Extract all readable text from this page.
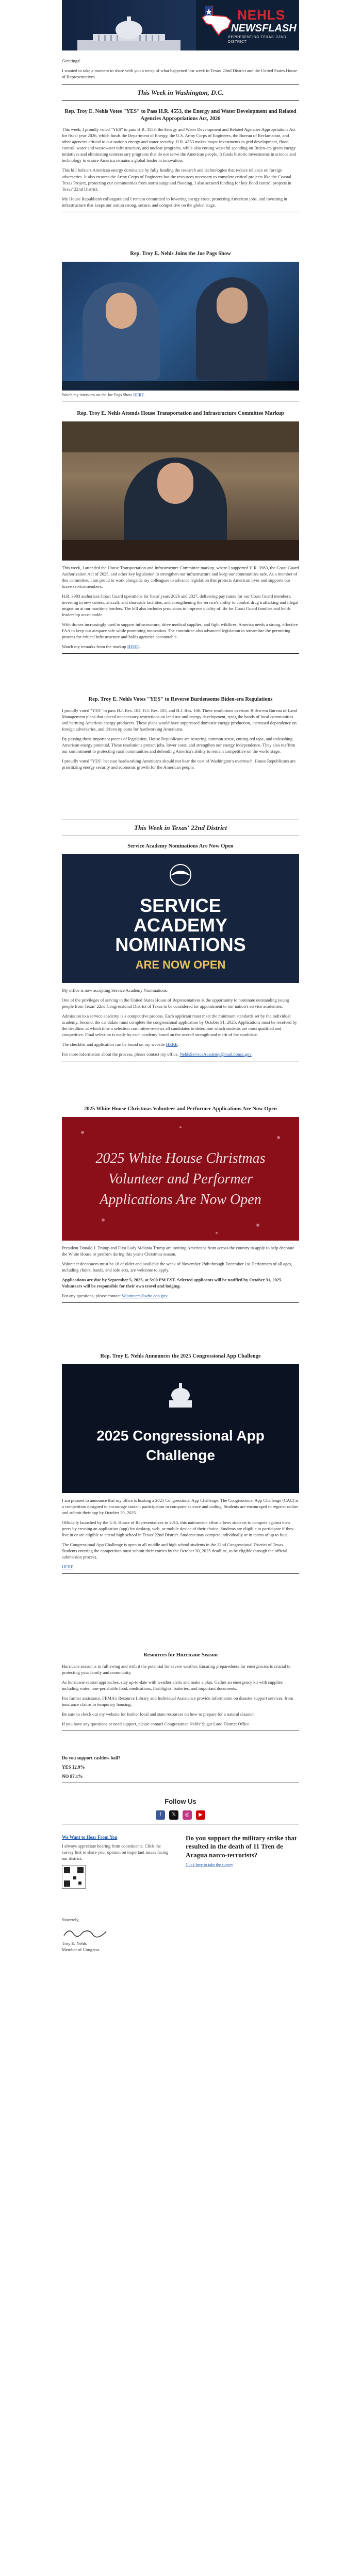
NEHLS
NEWSFLASH
REPRESENTING TEXAS' 22ND DISTRICT

Greetings!

I wanted to take a moment to share with you a recap of what happened last week in Texas' 22nd District and the United States House of Representatives.

This Week in Washington, D.C.
Rep. Troy E. Nehls Votes "YES" to Pass H.R. 4553, the Energy and Water Development and Related Agencies Appropriations Act, 2026

This week, I proudly voted "YES" to pass H.R. 4553, the Energy and Water Development and Related Agencies Appropriations Act for fiscal year 2026, which funds the Department of Energy, the U.S. Army Corps of Engineers, the Bureau of Reclamation, and other agencies critical to our nation's energy and water security. H.R. 4553 makes major investments in grid development, flood control, water and wastewater infrastructure, and nuclear programs, while also cutting wasteful spending on Biden-era green energy initiatives and eliminating unnecessary programs that do not serve the American people. It funds historic investments in science and technology to ensure America remains a global leader in innovation.

This bill bolsters American energy dominance by fully funding the research and technologies that reduce reliance on foreign adversaries. It also ensures the Army Corps of Engineers has the resources necessary to complete critical projects like the Coastal Texas Project, protecting our communities from storm surge and flooding. I also secured funding for key flood control projects in Texas' 22nd District.

My House Republican colleagues and I remain committed to lowering energy costs, protecting American jobs, and investing in infrastructure that keeps our nation strong, secure, and competitive on the global stage.

Rep. Troy E. Nehls Joins the Joe Pags Show
Watch my interview on the Joe Pags Show HERE.
Rep. Troy E. Nehls Attends House Transportation and Infrastructure Committee Markup

This week, I attended the House Transportation and Infrastructure Committee markup, where I supported H.R. 3983, the Coast Guard Authorization Act of 2025, and other key legislation to strengthen our infrastructure and keep our communities safe. As a member of this committee, I am proud to work alongside my colleagues to advance legislation that protects American lives and supports our brave servicemembers.

H.R. 3983 authorizes Coast Guard operations for fiscal years 2026 and 2027, delivering pay raises for our Coast Guard members, investing in new cutters, aircraft, and shoreside facilities, and strengthening the service's ability to combat drug trafficking and illegal migration at our maritime borders. The bill also includes provisions to improve quality of life for Coast Guard families and holds leadership accountable.

With drones increasingly used to support infrastructure, drive medical supplies, and fight wildfires, America needs a strong, effective FAA to keep our airspace safe while promoting innovation. The committee also advanced legislation to streamline the permitting process for critical infrastructure and holds agencies accountable.

Watch my remarks from the markup HERE.

Rep. Troy E. Nehls Votes "YES" to Reverse Burdensome Biden-era Regulations

I proudly voted "YES" to pass H.J. Res. 104, H.J. Res. 105, and H.J. Res. 106. These resolutions overturn Biden-era Bureau of Land Management plans that placed unnecessary restrictions on land use and energy development, tying the hands of local communities and harming American energy producers. These plans would have suppressed domestic energy production, increased dependence on foreign adversaries, and driven up costs for hardworking Americans.

By passing these important pieces of legislation, House Republicans are restoring common sense, cutting red tape, and unleashing American energy potential. These resolutions protect jobs, lower costs, and strengthen our energy independence. They also reaffirm our commitment to protecting rural communities and defending America's ability to remain competitive on the world stage.

I proudly voted "YES" because hardworking Americans should not bear the cost of Washington's overreach. House Republicans are prioritizing energy security and economic growth for the American people.

This Week in Texas' 22nd District
Service Academy Nominations Are Now Open
SERVICE
ACADEMY
NOMINATIONS
ARE NOW OPEN

My office is now accepting Service Academy Nominations.

One of the privileges of serving in the United States House of Representatives is the opportunity to nominate outstanding young people from Texas' 22nd Congressional District of Texas to be considered for appointment to our nation's service academies.

Admission to a service academy is a competitive process. Each applicant must meet the minimum standards set by the individual academy. Second, the candidate must complete the congressional application by October 31, 2025. Applications must be received by the deadline, at which time a selection committee reviews all candidates to determine which students are most qualified and competitive. Final selection is made by each academy based on the overall strength and merit of the candidate.

The checklist and application can be found on my website HERE.

For more information about the process, please contact my office. NehlsServiceAcademy@mail.house.gov

2025 White House Christmas Volunteer and Performer Applications Are Now Open
2025 White House Christmas
Volunteer and Performer
Applications Are Now Open

President Donald J. Trump and First Lady Melania Trump are inviting Americans from across the country to apply to help decorate the White House or perform during this year's Christmas season.

Volunteer decorators must be 18 or older and available the week of November 28th through December 1st. Performers of all ages, including choirs, bands, and solo acts, are welcome to apply.

Applications are due by September 5, 2025, at 5:00 PM EST. Selected applicants will be notified by October 31, 2025. Volunteers will be responsible for their own travel and lodging.

For any questions, please contact Volunteers@who.eop.gov.

Rep. Troy E. Nehls Announces the 2025 Congressional App Challenge
2025 Congressional App
Challenge

I am pleased to announce that my office is hosting a 2025 Congressional App Challenge. The Congressional App Challenge (CAC) is a competition designed to encourage student participation in computer science and coding. Students are encouraged to register online and submit their app by October 30, 2025.

Officially launched by the U.S. House of Representatives in 2015, this nationwide effort allows students to compete against their peers by creating an application (app) for desktop, web, or mobile device of their choice. Students are eligible to participate if they live in or are eligible to attend high school in Texas' 22nd District. Students may compete individually or in teams of up to four.

The Congressional App Challenge is open to all middle and high school students in the 22nd Congressional District of Texas. Students entering the competition must submit their entries by the October 30, 2025 deadline, to be eligible through the official submission process.

HERE

Resources for Hurricane Season

Hurricane season is in full swing and with it the potential for severe weather. Ensuring preparedness for emergencies is crucial to protecting your family and community.

As hurricane season approaches, stay up-to-date with weather alerts and make a plan. Gather an emergency kit with supplies including water, non-perishable food, medications, flashlights, batteries, and important documents.

For further assistance, FEMA's Resource Library and Individual Assistance provide information on disaster support services, from insurance claims to temporary housing.

Be sure to check out my website for further local and state resources on how to prepare for a natural disaster.

If you have any questions or need support, please contact Congressman Nehls' Sugar Land District Office.

Do you support cashless bail?
YES 12.9%
NO 87.1%
Follow Us
f	𝕏	◎	▶
We Want to Hear From You

I always appreciate hearing from constituents. Click the survey link to share your opinion on important issues facing our district.

Do you support the military strike that resulted in the death of 11 Tren de Aragua narco-terrorists?
Click here to take the survey

Sincerely,

Troy E. Nehls
Member of Congress
